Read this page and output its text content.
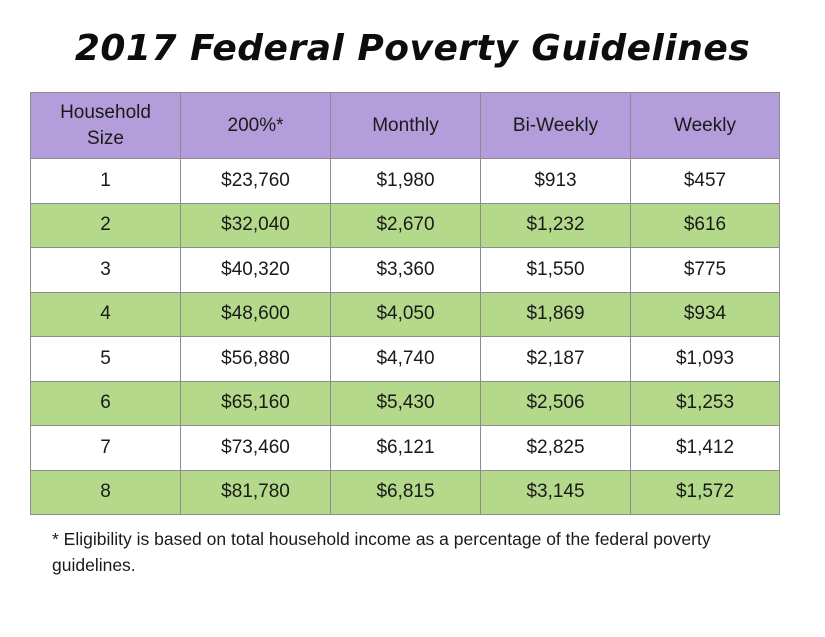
2017 Federal Poverty Guidelines
Household
Size	200%*	Monthly	Bi-Weekly	Weekly
1	$23,760	$1,980	$913	$457
2	$32,040	$2,670	$1,232	$616
3	$40,320	$3,360	$1,550	$775
4	$48,600	$4,050	$1,869	$934
5	$56,880	$4,740	$2,187	$1,093
6	$65,160	$5,430	$2,506	$1,253
7	$73,460	$6,121	$2,825	$1,412
8	$81,780	$6,815	$3,145	$1,572
* Eligibility is based on total household income as a percentage of the federal poverty guidelines.
